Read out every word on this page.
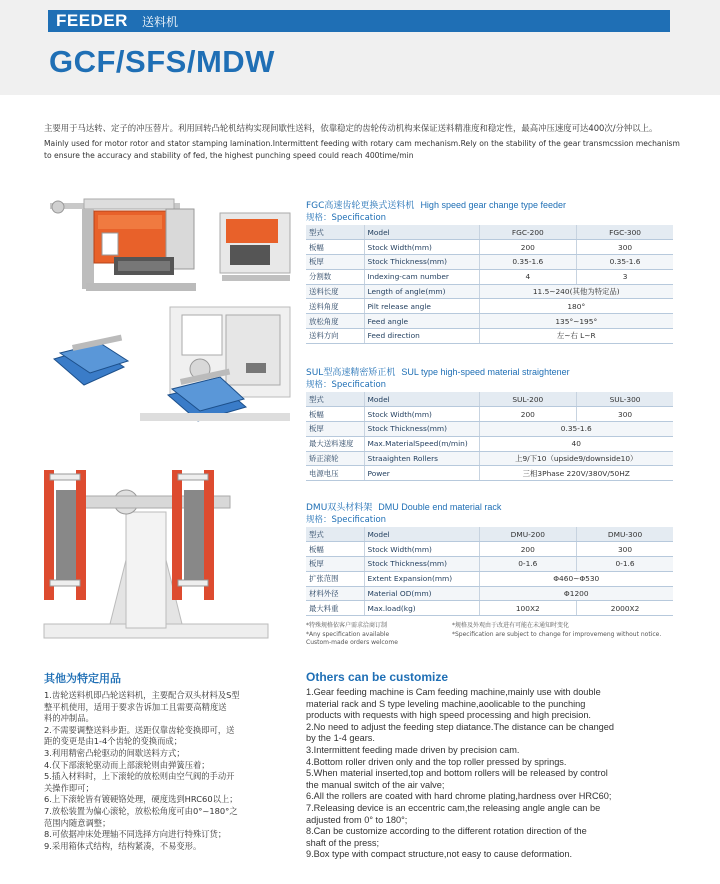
FEEDER 送料机
GCF/SFS/MDW
主要用于马达转、定子的冲压替片。利用回转凸轮机结构实现间歇性送料，依靠稳定的齿轮传动机构来保证送料精准度和稳定性，最高冲压速度可达400次/分钟以上。
Mainly used for motor rotor and stator stamping lamination.Intermittent feeding with rotary cam mechanism.Rely on the stability of the gear transmcssion mechanism to ensure the accuracy and stability of fed, the highest punching speed could reach 400time/min
FGC高速齿轮更换式送料机 High speed gear change type feeder
规格：Specification
型式	Model	FGC-200	FGC-300
板幅	Stock Width(mm)	200	300
板厚	Stock Thickness(mm)	0.35-1.6	0.35-1.6
分割数	Indexing-cam number	4	3
送料长度	Length of angle(mm)	11.5~240(其他为特定品)	
送料角度	Pilt release angle	180°	
放松角度	Feed angle	135°~195°	
送料方向	Feed direction	左~右 L~R	
SUL型高速精密矫正机 SUL type high-speed material straightener
规格：Specification
型式	Model	SUL-200	SUL-300
板幅	Stock Width(mm)	200	300
板厚	Stock Thickness(mm)	0.35-1.6	
最大送料速度	Max.MaterialSpeed(m/min)	40	
矫正滚轮	Straaighten Rollers	上9/下10（upside9/downside10）	
电源电压	Power	三相3Phase 220V/380V/50HZ	
DMU双头材料架 DMU Double end material rack
规格：Specification
型式	Model	DMU-200	DMU-300
板幅	Stock Width(mm)	200	300
板厚	Stock Thickness(mm)	0-1.6	0-1.6
扩张范围	Extent Expansion(mm)	Φ460~Φ530	
材料外径	Material OD(mm)	Φ1200	
最大料重	Max.load(kg)	100X2	2000X2
*特殊规格依客户需求洽商订制
*Any specification available
Custom-made orders welcome
*规格及外观由于改进有可能在未通知时变化
*Specification are subject to change for improvemeng without notice.
其他为特定用品
1.齿轮送料机即凸轮送料机，主要配合双头材料及S型
整平机使用，适用于要求告诉加工且需要高精度送
料的冲制品。
2.不需要调整送料步距。送距仅靠齿轮变换即可，送
距的变更是由1-4个齿轮的变换而成；
3.利用精密凸轮驱动的间歇送料方式；
4.仅下部滚轮驱动而上部滚轮则由弹簧压着；
5.插入材料时，上下滚轮的放松则由空气阀的手动开
关操作即可；
6.上下滚轮皆有镀硬铬处理，硬度选到HRC60以上；
7.放松装置为偏心滚轮，放松松角度可由0°~180°之
范围内随意调整；
8.可依据冲床处理轴不同选择方向进行特殊订货；
9.采用箱体式结构，结构紧凑，不易变形。
Others can be customize
1.Gear feeding machine is Cam feeding machine,mainly use with double
material rack and S type leveling machine,aoolicable to the punching
products with requests with high speed processing and high precision.
2.No need to adjust the feeding step diatance.The distance can be changed
by the 1-4 gears.
3.Intermittent feeding made driven by precision cam.
4.Bottom roller driven only and the top roller pressed by springs.
5.When material inserted,top and bottom rollers will be released by control
the manual switch of the air valve;
6.All the rollers are coated with hard chrome plating,hardness over HRC60;
7.Releasing device is an eccentric cam,the releasing angle angle can be
adjusted from 0° to 180°;
8.Can be customize according to the different rotation direction of the
shaft of the press;
9.Box type with compact structure,not easy to cause deformation.
